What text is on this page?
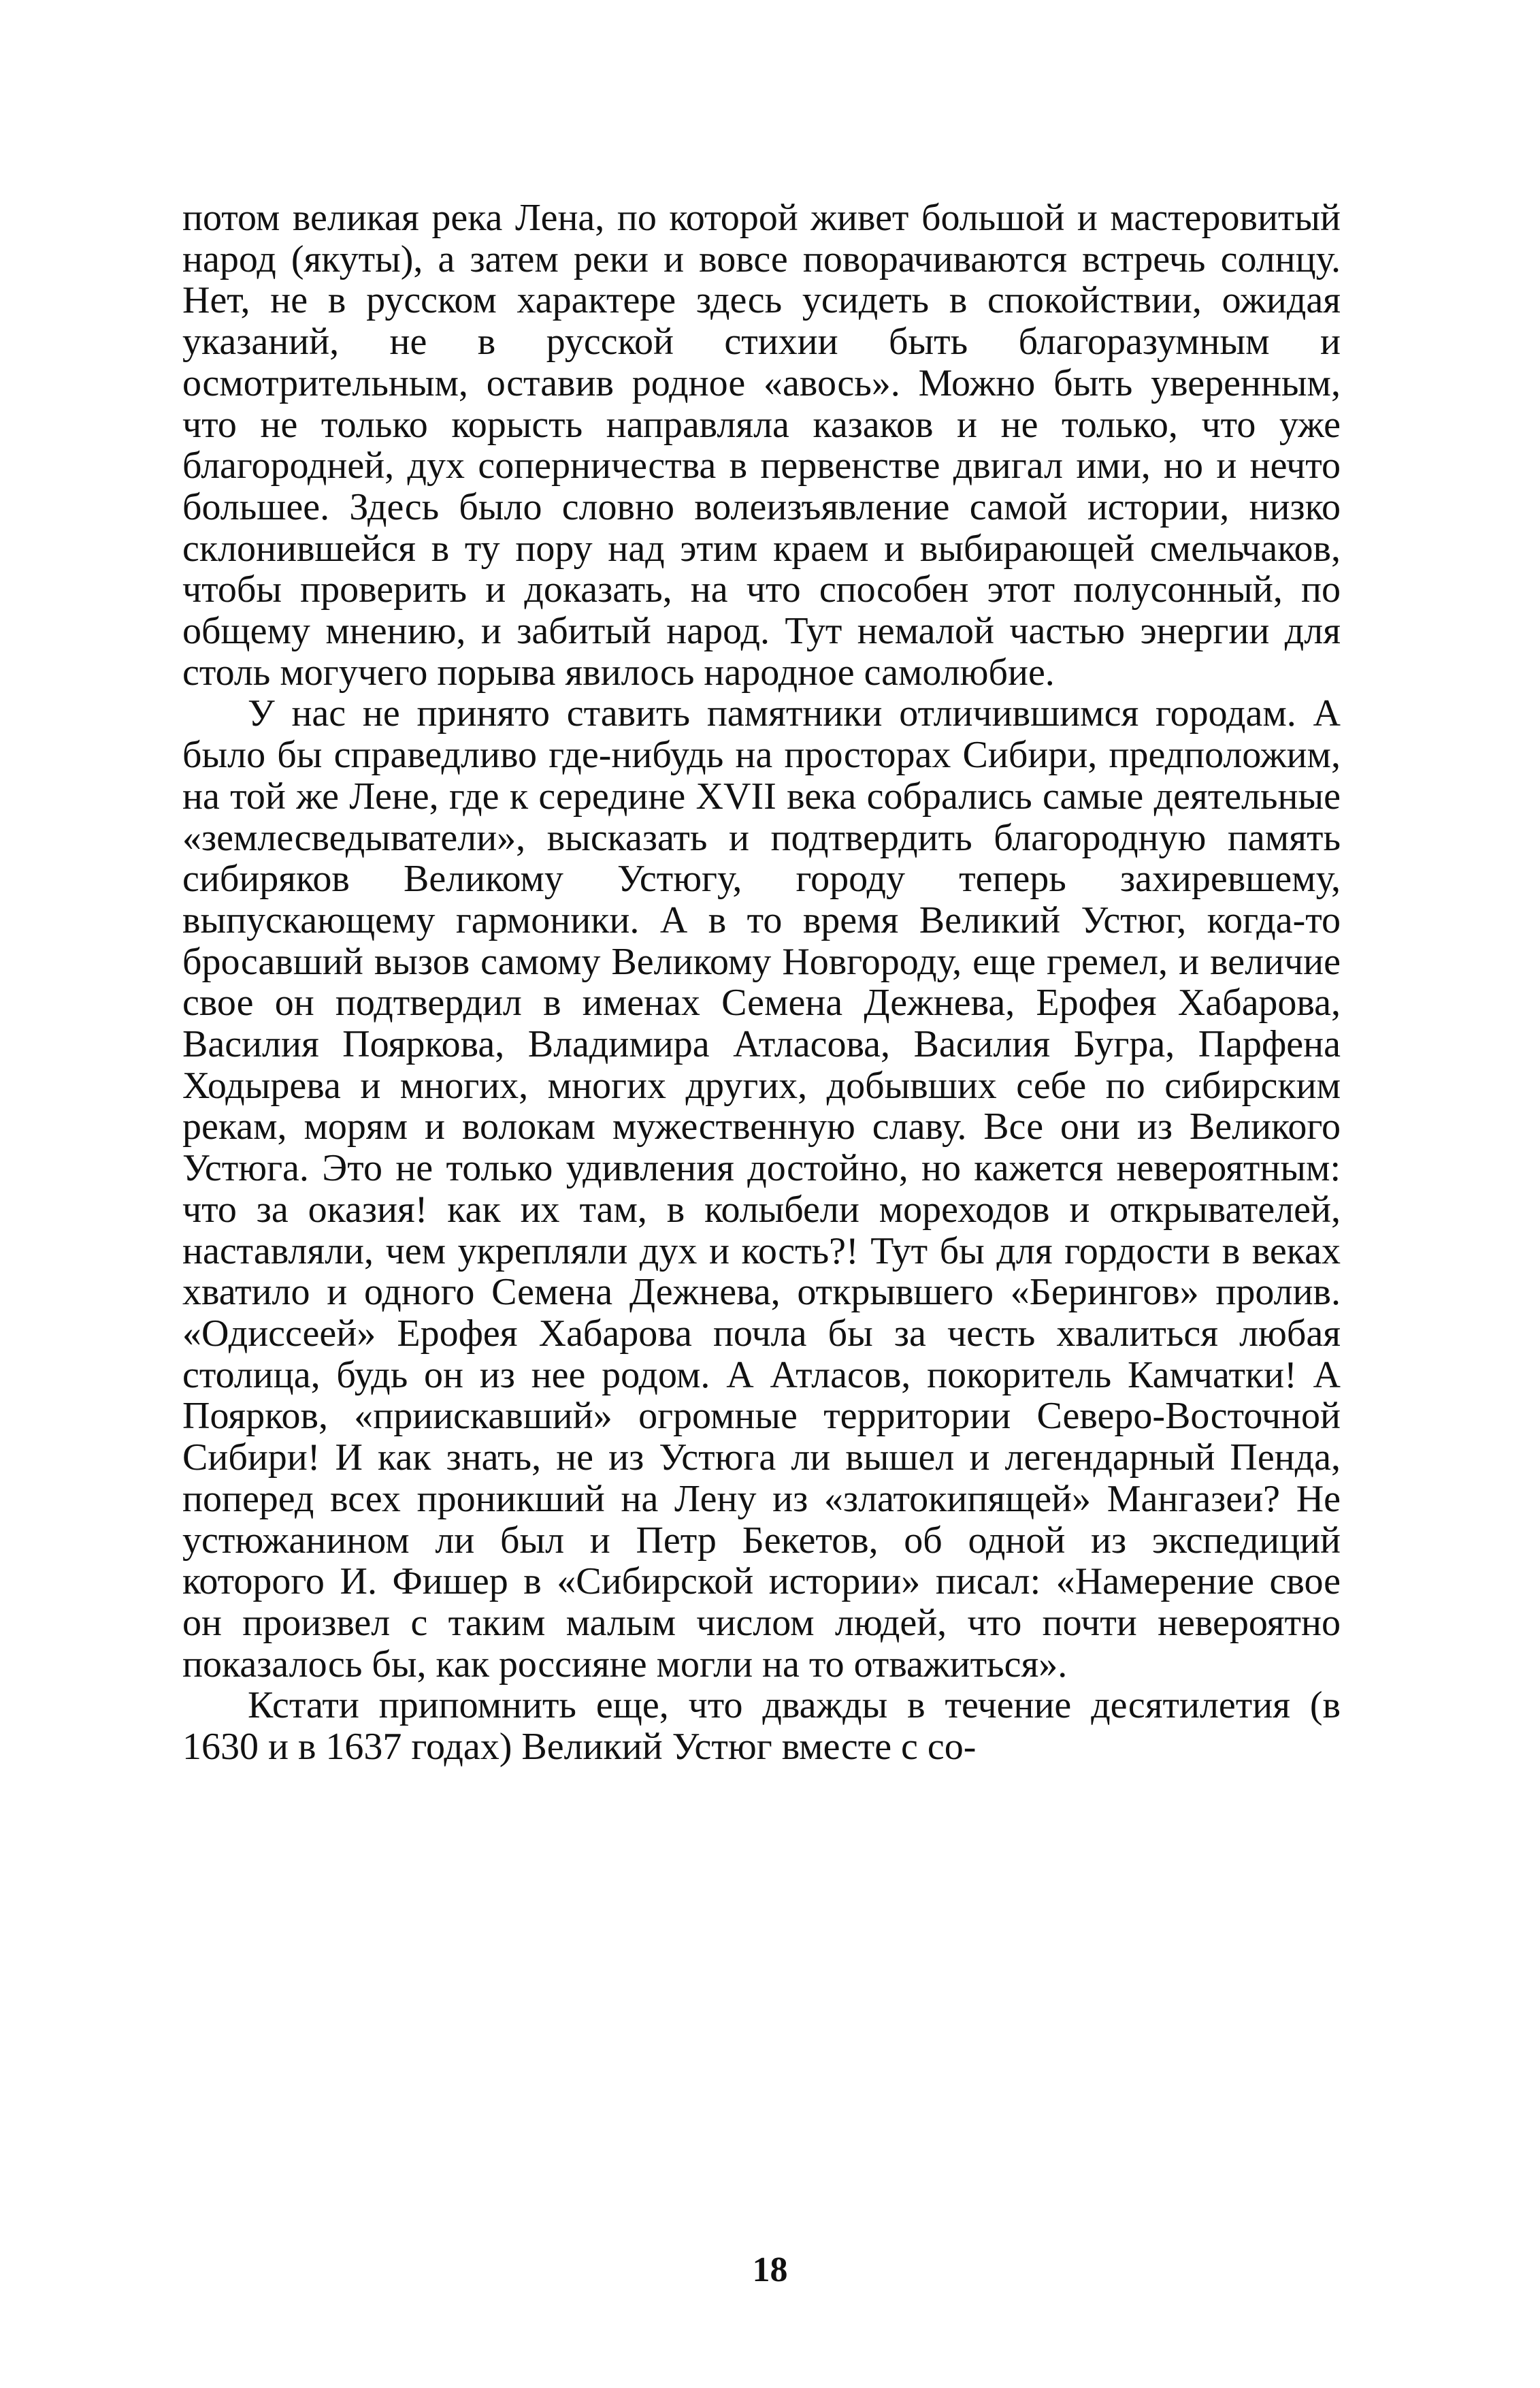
потом великая река Лена, по которой живет большой и мастеровитый народ (якуты), а затем реки и вовсе поворачиваются встречь солнцу. Нет, не в русском характере здесь усидеть в спокойствии, ожидая указаний, не в русской стихии быть благоразумным и осмотрительным, оставив родное «авось». Можно быть уверенным, что не только корысть направляла казаков и не только, что уже благородней, дух соперничества в первенстве двигал ими, но и нечто большее. Здесь было словно волеизъявление самой истории, низко склонившейся в ту пору над этим краем и выбирающей смельчаков, чтобы проверить и доказать, на что способен этот полусонный, по общему мнению, и забитый народ. Тут немалой частью энергии для столь могучего порыва явилось народное самолюбие.

У нас не принято ставить памятники отличившимся городам. А было бы справедливо где-нибудь на просторах Сибири, предположим, на той же Лене, где к середине XVII века собрались самые деятельные «землесведыватели», высказать и подтвердить благородную память сибиряков Великому Устюгу, городу теперь захиревшему, выпускающему гармоники. А в то время Великий Устюг, когда-то бросавший вызов самому Великому Новгороду, еще гремел, и величие свое он подтвердил в именах Семена Дежнева, Ерофея Хабарова, Василия Пояркова, Владимира Атласова, Василия Бугра, Парфена Ходырева и многих, многих других, добывших себе по сибирским рекам, морям и волокам мужественную славу. Все они из Великого Устюга. Это не только удивления достойно, но кажется невероятным: что за оказия! как их там, в колыбели мореходов и открывателей, наставляли, чем укрепляли дух и кость?! Тут бы для гордости в веках хватило и одного Семена Дежнева, открывшего «Берингов» пролив. «Одиссеей» Ерофея Хабарова почла бы за честь хвалиться любая столица, будь он из нее родом. А Атласов, покоритель Камчатки! А Поярков, «приискавший» огромные территории Северо-Восточной Сибири! И как знать, не из Устюга ли вышел и легендарный Пенда, поперед всех проникший на Лену из «златокипящей» Мангазеи? Не устюжанином ли был и Петр Бекетов, об одной из экспедиций которого И. Фишер в «Сибирской истории» писал: «Намерение свое он произвел с таким малым числом людей, что почти невероятно показалось бы, как россияне могли на то отважиться».

Кстати припомнить еще, что дважды в течение десятилетия (в 1630 и в 1637 годах) Великий Устюг вместе с со-

18
